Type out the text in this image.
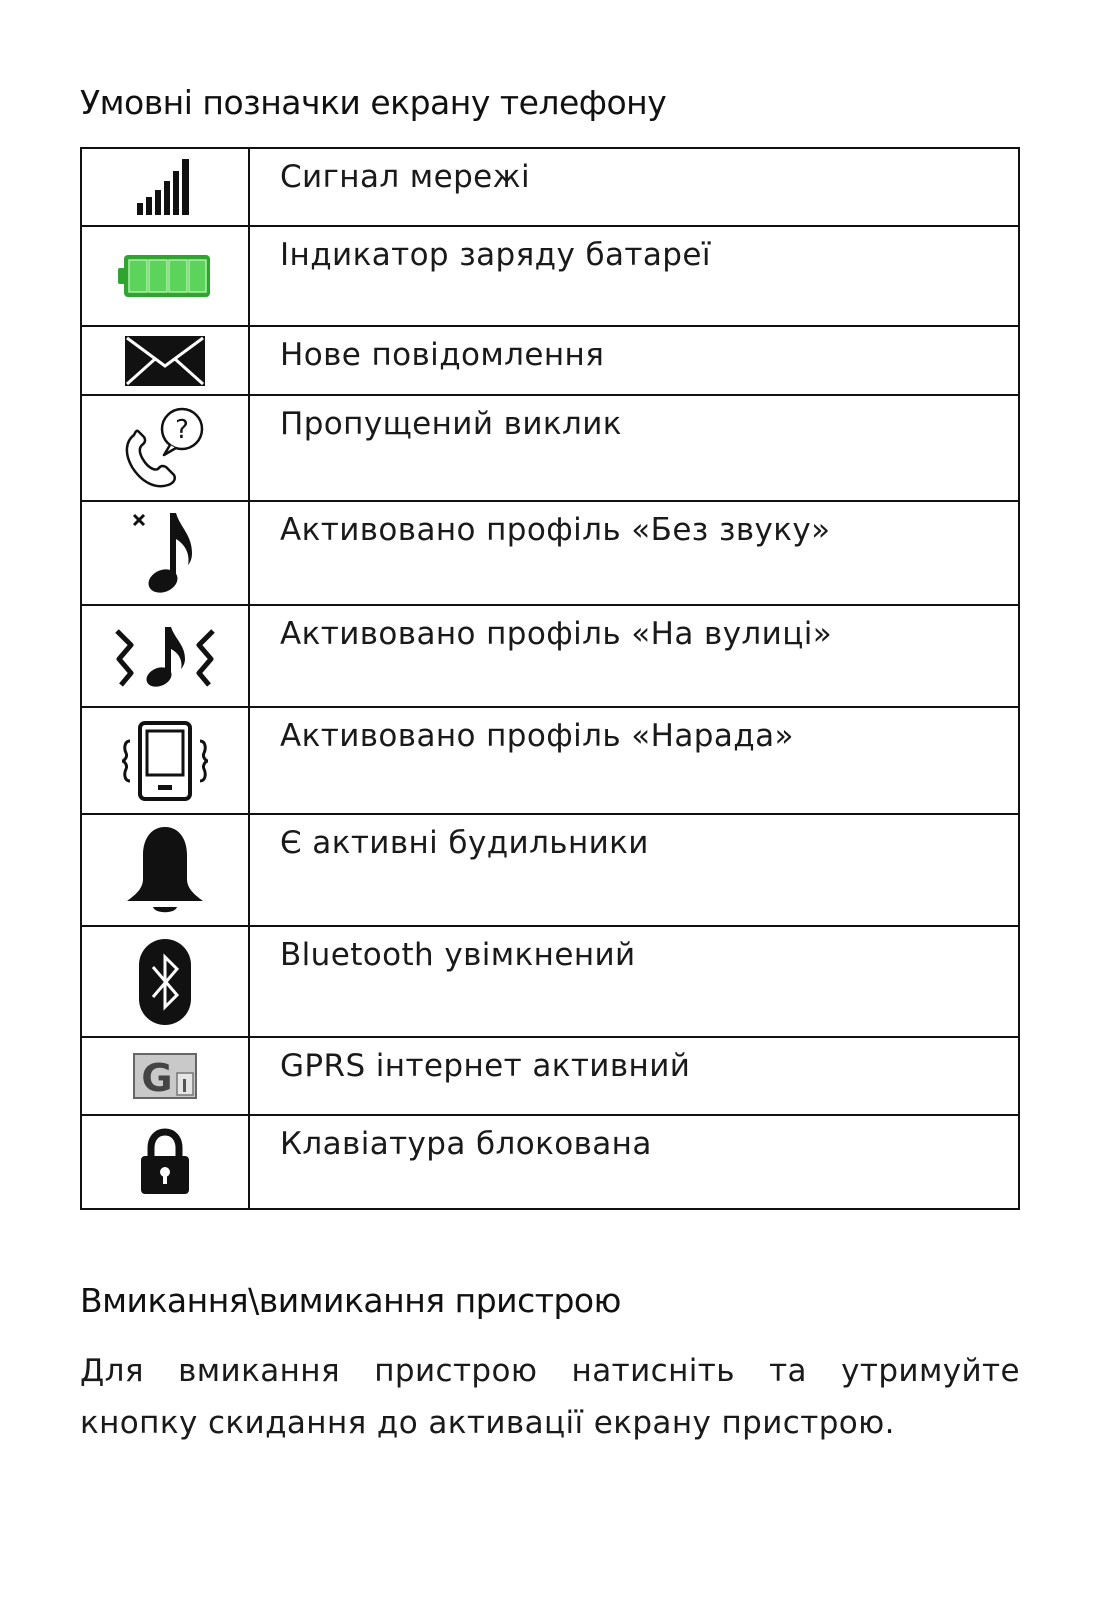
Умовні позначки екрану телефону
	Сигнал мережі

	Індикатор заряду батареї

	Нове повідомлення

?	Пропущений виклик

	Активовано профіль «Без звуку»

	Активовано профіль «На вулиці»

	Активовано профіль «Нарада»

	Є активні будильники

	Bluetooth увімкнений

G	GPRS інтернет активний

	Клавіатура блокована
Вмикання\вимикання пристрою

Для вмикання пристрою натисніть та утримуйте кнопку скидання до активації екрану пристрою.
